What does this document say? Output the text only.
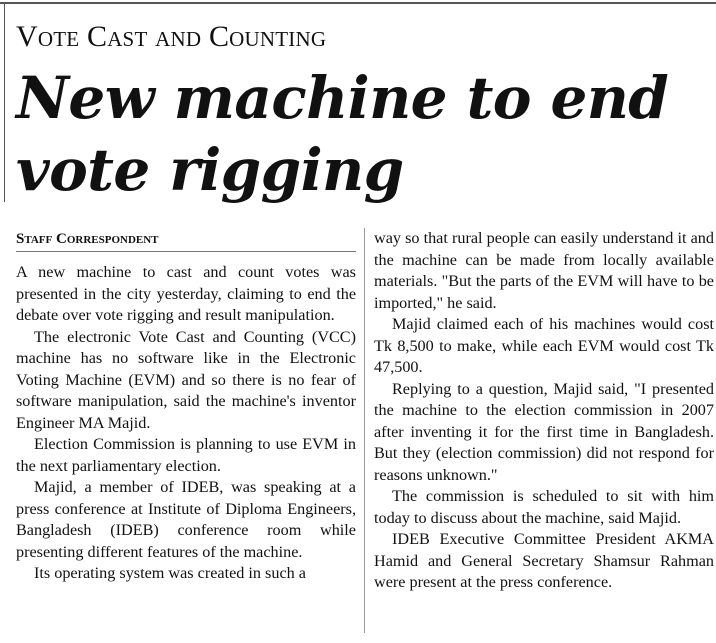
Vote Cast and Counting
New machine to end
vote rigging
Staff Correspondent

A new machine to cast and count votes was presented in the city yesterday, claiming to end the debate over vote rigging and result manipulation.

The electronic Vote Cast and Counting (VCC) machine has no software like in the Electronic Voting Machine (EVM) and so there is no fear of software manipulation, said the machine's inventor Engineer MA Majid.

Election Commission is planning to use EVM in the next parliamentary election.

Majid, a member of IDEB, was speaking at a press conference at Institute of Diploma Engineers, Bangladesh (IDEB) conference room while presenting different features of the machine.

Its operating system was created in such a

way so that rural people can easily understand it and the machine can be made from locally available materials. "But the parts of the EVM will have to be imported," he said.

Majid claimed each of his machines would cost Tk 8,500 to make, while each EVM would cost Tk 47,500.

Replying to a question, Majid said, "I presented the machine to the election commission in 2007 after inventing it for the first time in Bangladesh. But they (election commission) did not respond for reasons unknown."

The commission is scheduled to sit with him today to discuss about the machine, said Majid.

IDEB Executive Committee President AKMA Hamid and General Secretary Shamsur Rahman were present at the press conference.
